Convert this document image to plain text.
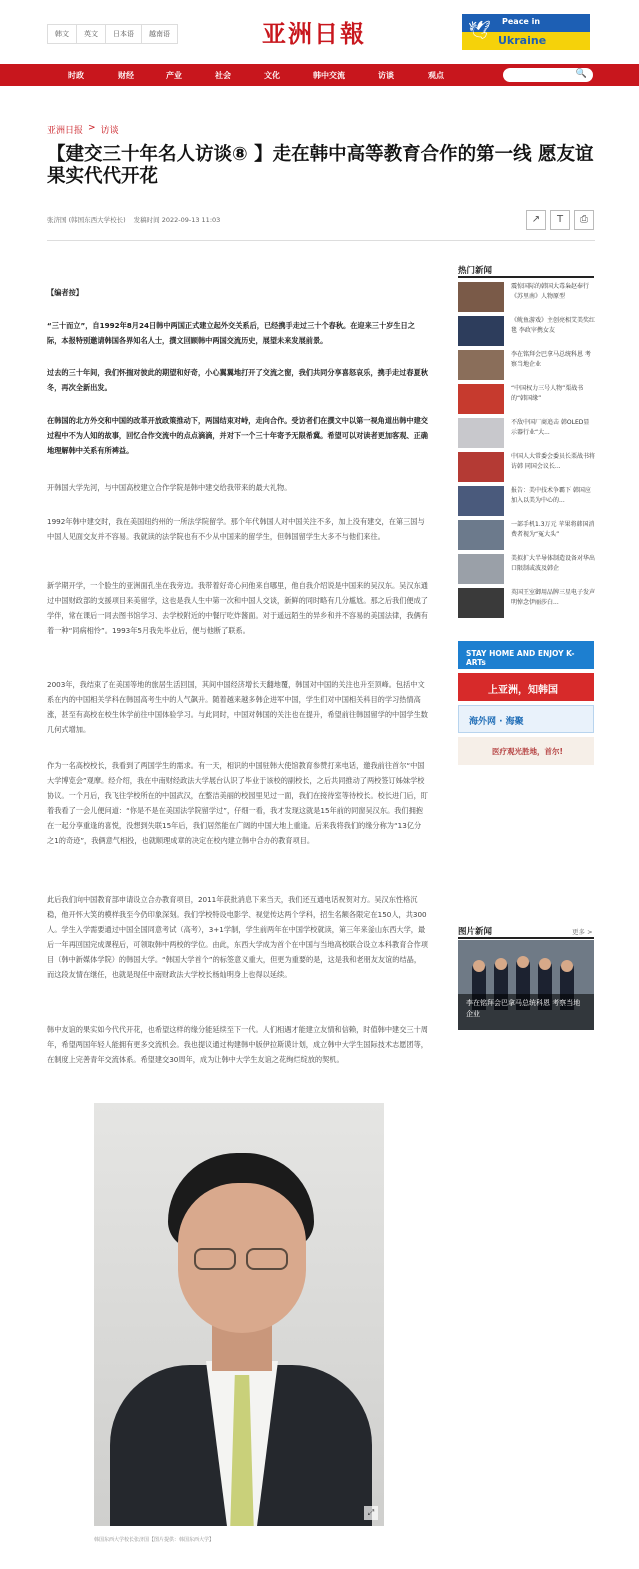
韩文	英文	日本语	越南语	亚洲日報	🕊 Peace in
Ukraine
时政	财经	产业	社会	文化	韩中交流	访谈	观点	🔍
亚洲日报 > 访谈
【建交三十年名人访谈⑧ 】走在韩中高等教育合作的第一线 愿友谊果实代代开花
张济国 (韩国东西大学校长) 发稿时间 2022-09-13 11:03	↗	T	⎙

【编者按】

“三十而立”，自1992年8月24日韩中两国正式建立起外交关系后，已经携手走过三十个春秋。在迎来三十岁生日之际，本报特别邀请韩国各界知名人士，撰文回顾韩中两国交流历史，展望未来发展前景。

过去的三十年间，我们怀揣对彼此的期望和好奇，小心翼翼地打开了交流之窗，我们共同分享喜怒哀乐，携手走过春夏秋冬，再次全新出发。

在韩国的北方外交和中国的改革开放政策推动下，两国结束对峙，走向合作。受访者们在撰文中以第一视角道出韩中建交过程中不为人知的故事，回忆合作交流中的点点滴滴，并对下一个三十年寄予无限希冀。希望可以对读者更加客观、正确地理解韩中关系有所裨益。

开韩国大学先河，与中国高校建立合作学院是韩中建交给我带来的最大礼物。

1992年韩中建交时，我在美国纽约州的一所法学院留学。那个年代韩国人对中国关注不多，加上没有建交，在第三国与中国人见面交友并不容易。我就读的法学院也有不少从中国来的留学生，但韩国留学生大多不与他们来往。

新学期开学，一个脸生的亚洲面孔坐在我旁边。我带着好奇心问他来自哪里，他自我介绍说是中国来的吴汉东。吴汉东通过中国财政部的支援项目来美留学，这也是我人生中第一次和中国人交谈，新鲜的同时略有几分尴尬。那之后我们便成了学伴，常在课后一同去图书馆学习、去学校附近的中餐厅吃炸酱面。对于遥远陌生的异乡和并不容易的美国法律，我俩有着一种“同病相怜”。1993年5月我先毕业后，便与他断了联系。

2003年，我结束了在美国等地的旅居生活回国，其间中国经济增长天翻地覆，韩国对中国的关注也升至顶峰。包括中文系在内的中国相关学科在韩国高考生中的人气飙升。随着越来越多韩企进军中国，学生们对中国相关科目的学习热情高涨，甚至有高校在校生休学前往中国体验学习。与此同时，中国对韩国的关注也在提升，希望前往韩国留学的中国学生数几何式增加。

作为一名高校校长，我看到了两国学生的需求。有一天，相识的中国驻韩大使馆教育参赞打来电话，邀我前往首尔“中国大学博览会”观摩。经介绍，我在中南财经政法大学展台认识了毕业于该校的副校长，之后共同推动了两校签订姊妹学校协议。一个月后，我飞往学校所在的中国武汉，在整洁美丽的校园里见过一面，我们在接待室等待校长。校长进门后，盯着我看了一会儿便问道：“你是不是在美国法学院留学过”，仔细一看，我才发现这就是15年前的同窗吴汉东。我们拥抱在一起分享重逢的喜悦，没想到失联15年后，我们居然能在广阔的中国大地上重逢。后来我将我们的缘分称为“13亿分之1的奇迹”，我俩意气相投，也就顺理成章的决定在校内建立韩中合办的教育项目。

此后我们向中国教育部申请设立合办教育项目，2011年获批消息下来当天，我们还互通电话祝贺对方。吴汉东性格沉稳，他开怀大笑的模样我至今仍印象深刻。我们学校特设电影学、视觉传达两个学科，招生名额各限定在150人，共300人。学生入学需要通过中国全国同意考试（高考），3+1学制，学生前两年在中国学校就读，第三年来釜山东西大学，最后一年再回国完成课程后，可领取韩中两校的学位。由此，东西大学成为首个在中国与当地高校联合设立本科教育合作项目（韩中新媒体学院）的韩国大学。“韩国大学首个”的标签意义重大，但更为重要的是，这是我和老朋友友谊的结晶，而这段友情在继任，也就是现任中南财政法大学校长杨灿明身上也得以延续。

韩中友谊的果实如今代代开花，也希望这样的缘分能延续至下一代。人们相遇才能建立友情和信赖，时值韩中建交三十周年，希望两国年轻人能拥有更多交流机会。我也提议通过构建韩中版伊拉斯谟计划，成立韩中大学生国际技术志愿团等，在制度上完善青年交流体系。希望建交30周年，成为让韩中大学生友谊之花绚烂绽放的契机。

⤢
韩国东西大学校长张济国【图片提供：韩国东西大学】
热门新闻
震惊国际的韩国大毒枭赵奉行《苏里南》人物原型
《鱿鱼游戏》主创亮相艾美奖红毯 李政宰携女友
李在铭拜会巴拿马总统科恩 考察当地企业
“中国权力三号人物”栗战书的“韩国缘”
不敌中国厂商追击 韩OLED显示器行业“大...
中国人大常委会委员长栗战书将访韩 同国会议长...
报告：美中技术争霸下 韩国应加入以美为中心的...
一部手机1.3万元 苹果将韩国消费者视为“冤大头”
美拟扩大半导体制造设备对华出口限制或波及韩企
英国王室御用品牌三星电子发声明悼念伊丽莎白...
STAY HOME AND ENJOY K-ARTs
上亚洲，知韩国
海外网 · 海聚
医疗观光胜地，首尔!
图片新闻	更多 >
李在铭拜会巴拿马总统科恩 考察当地企业
